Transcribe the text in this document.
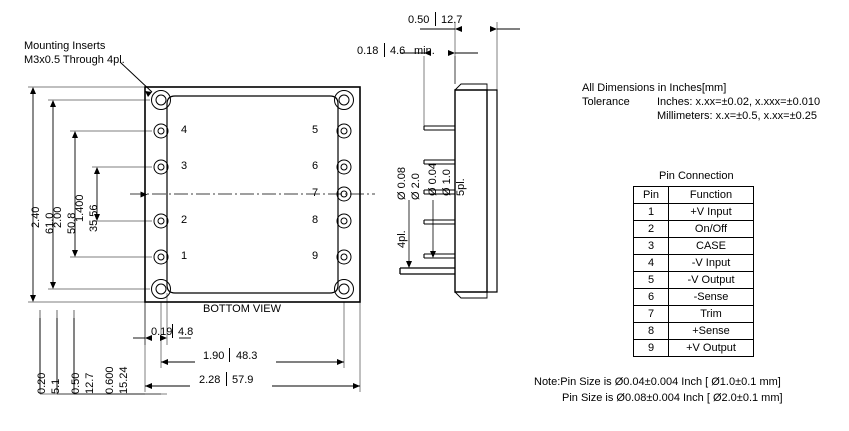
Mounting Inserts
M3x0.5 Through 4pl.
2.40 61.0
2.00 50.8
1.400 35.56
0.20 5.1 0.50 12.7 0.600 15.24
4
3
2
1
5
6
7
8
9
BOTTOM VIEW
0.19 4.8
1.90 48.3
2.28 57.9
0.50 12.7
0.18 4.6 min.
Ø 0.04 Ø 1.0 5pl.
Ø 0.08 Ø 2.0
4pl.
All Dimensions in Inches[mm]
Tolerance Inches: x.xx=±0.02, x.xxx=±0.010
Millimeters: x.x=±0.5, x.xx=±0.25
Pin Connection
Pin	Function
1	+V Input
2	On/Off
3	CASE
4	-V Input
5	-V Output
6	-Sense
7	Trim
8	+Sense
9	+V Output
Note:Pin Size is Ø0.04±0.004 Inch [ Ø1.0±0.1 mm]
Pin Size is Ø0.08±0.004 Inch [ Ø2.0±0.1 mm]
